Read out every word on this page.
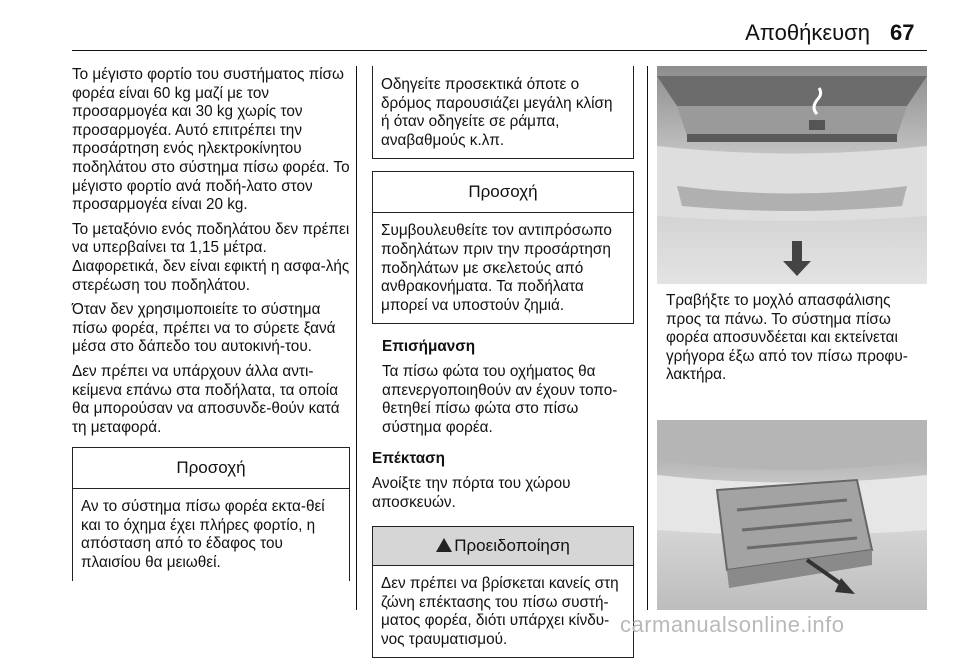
Αποθήκευση 67

Το μέγιστο φορτίο του συστήματος πίσω φορέα είναι 60 kg μαζί με τον προσαρμογέα και 30 kg χωρίς τον προσαρμογέα. Αυτό επιτρέπει την προσάρτηση ενός ηλεκτροκίνητου ποδηλάτου στο σύστημα πίσω φορέα. Το μέγιστο φορτίο ανά ποδή-λατο στον προσαρμογέα είναι 20 kg.

Το μεταξόνιο ενός ποδηλάτου δεν πρέπει να υπερβαίνει τα 1,15 μέτρα. Διαφορετικά, δεν είναι εφικτή η ασφα-λής στερέωση του ποδηλάτου.

Όταν δεν χρησιμοποιείτε το σύστημα πίσω φορέα, πρέπει να το σύρετε ξανά μέσα στο δάπεδο του αυτοκινή-του.

Δεν πρέπει να υπάρχουν άλλα αντι-κείμενα επάνω στα ποδήλατα, τα οποία θα μπορούσαν να αποσυνδε-θούν κατά τη μεταφορά.

Προσοχή
Αν το σύστημα πίσω φορέα εκτα-θεί και το όχημα έχει πλήρες φορτίο, η απόσταση από το έδαφος του πλαισίου θα μειωθεί.
Οδηγείτε προσεκτικά όποτε ο δρόμος παρουσιάζει μεγάλη κλίση ή όταν οδηγείτε σε ράμπα, αναβαθμούς κ.λπ.
Προσοχή
Συμβουλευθείτε τον αντιπρόσωπο ποδηλάτων πριν την προσάρτηση ποδηλάτων με σκελετούς από ανθρακονήματα. Τα ποδήλατα μπορεί να υποστούν ζημιά.

Επισήμανση

Τα πίσω φώτα του οχήματος θα απενεργοποιηθούν αν έχουν τοπο-θετηθεί πίσω φώτα στο πίσω σύστημα φορέα.

Επέκταση

Ανοίξτε την πόρτα του χώρου αποσκευών.

Προειδοποίηση
Δεν πρέπει να βρίσκεται κανείς στη ζώνη επέκτασης του πίσω συστή-ματος φορέα, διότι υπάρχει κίνδυ-νος τραυματισμού.

Τραβήξτε το μοχλό απασφάλισης προς τα πάνω. Το σύστημα πίσω φορέα αποσυνδέεται και εκτείνεται γρήγορα έξω από τον πίσω προφυ-λακτήρα.

carmanualsonline.info
